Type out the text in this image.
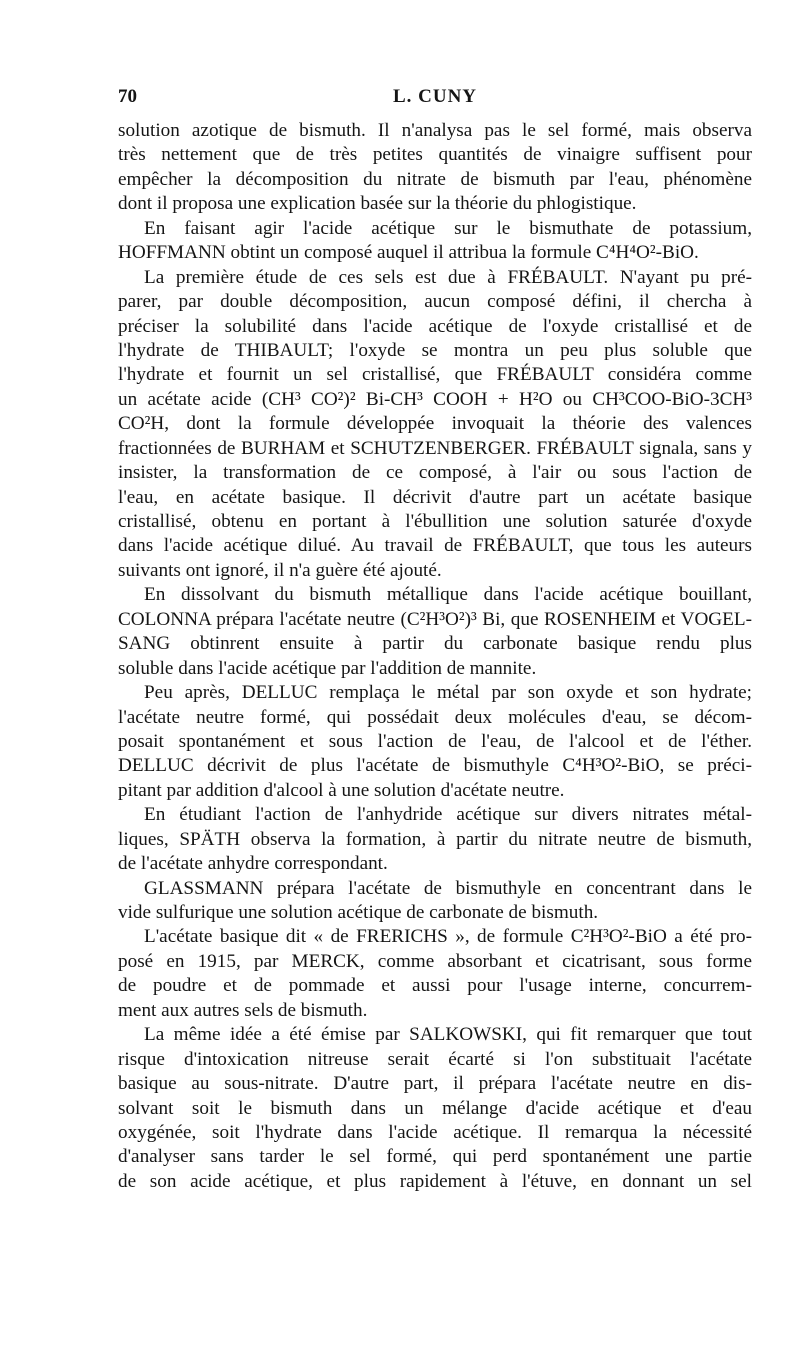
70	L. CUNY
solution azotique de bismuth. Il n'analysa pas le sel formé, mais observa
très nettement que de très petites quantités de vinaigre suffisent pour
empêcher la décomposition du nitrate de bismuth par l'eau, phénomène
dont il proposa une explication basée sur la théorie du phlogistique.
En faisant agir l'acide acétique sur le bismuthate de potassium,
HOFFMANN obtint un composé auquel il attribua la formule C⁴H⁴O²-BiO.
La première étude de ces sels est due à FRÉBAULT. N'ayant pu pré-
parer, par double décomposition, aucun composé défini, il chercha à
préciser la solubilité dans l'acide acétique de l'oxyde cristallisé et de
l'hydrate de THIBAULT; l'oxyde se montra un peu plus soluble que
l'hydrate et fournit un sel cristallisé, que FRÉBAULT considéra comme
un acétate acide (CH³ CO²)² Bi-CH³ COOH + H²O ou CH³COO-BiO-3CH³
CO²H, dont la formule développée invoquait la théorie des valences
fractionnées de BURHAM et SCHUTZENBERGER. FRÉBAULT signala, sans y
insister, la transformation de ce composé, à l'air ou sous l'action de
l'eau, en acétate basique. Il décrivit d'autre part un acétate basique
cristallisé, obtenu en portant à l'ébullition une solution saturée d'oxyde
dans l'acide acétique dilué. Au travail de FRÉBAULT, que tous les auteurs
suivants ont ignoré, il n'a guère été ajouté.
En dissolvant du bismuth métallique dans l'acide acétique bouillant,
COLONNA prépara l'acétate neutre (C²H³O²)³ Bi, que ROSENHEIM et VOGEL-
SANG obtinrent ensuite à partir du carbonate basique rendu plus
soluble dans l'acide acétique par l'addition de mannite.
Peu après, DELLUC remplaça le métal par son oxyde et son hydrate;
l'acétate neutre formé, qui possédait deux molécules d'eau, se décom-
posait spontanément et sous l'action de l'eau, de l'alcool et de l'éther.
DELLUC décrivit de plus l'acétate de bismuthyle C⁴H³O²-BiO, se préci-
pitant par addition d'alcool à une solution d'acétate neutre.
En étudiant l'action de l'anhydride acétique sur divers nitrates métal-
liques, SPÄTH observa la formation, à partir du nitrate neutre de bismuth,
de l'acétate anhydre correspondant.
GLASSMANN prépara l'acétate de bismuthyle en concentrant dans le
vide sulfurique une solution acétique de carbonate de bismuth.
L'acétate basique dit « de FRERICHS », de formule C²H³O²-BiO a été pro-
posé en 1915, par MERCK, comme absorbant et cicatrisant, sous forme
de poudre et de pommade et aussi pour l'usage interne, concurrem-
ment aux autres sels de bismuth.
La même idée a été émise par SALKOWSKI, qui fit remarquer que tout
risque d'intoxication nitreuse serait écarté si l'on substituait l'acétate
basique au sous-nitrate. D'autre part, il prépara l'acétate neutre en dis-
solvant soit le bismuth dans un mélange d'acide acétique et d'eau
oxygénée, soit l'hydrate dans l'acide acétique. Il remarqua la nécessité
d'analyser sans tarder le sel formé, qui perd spontanément une partie
de son acide acétique, et plus rapidement à l'étuve, en donnant un sel
